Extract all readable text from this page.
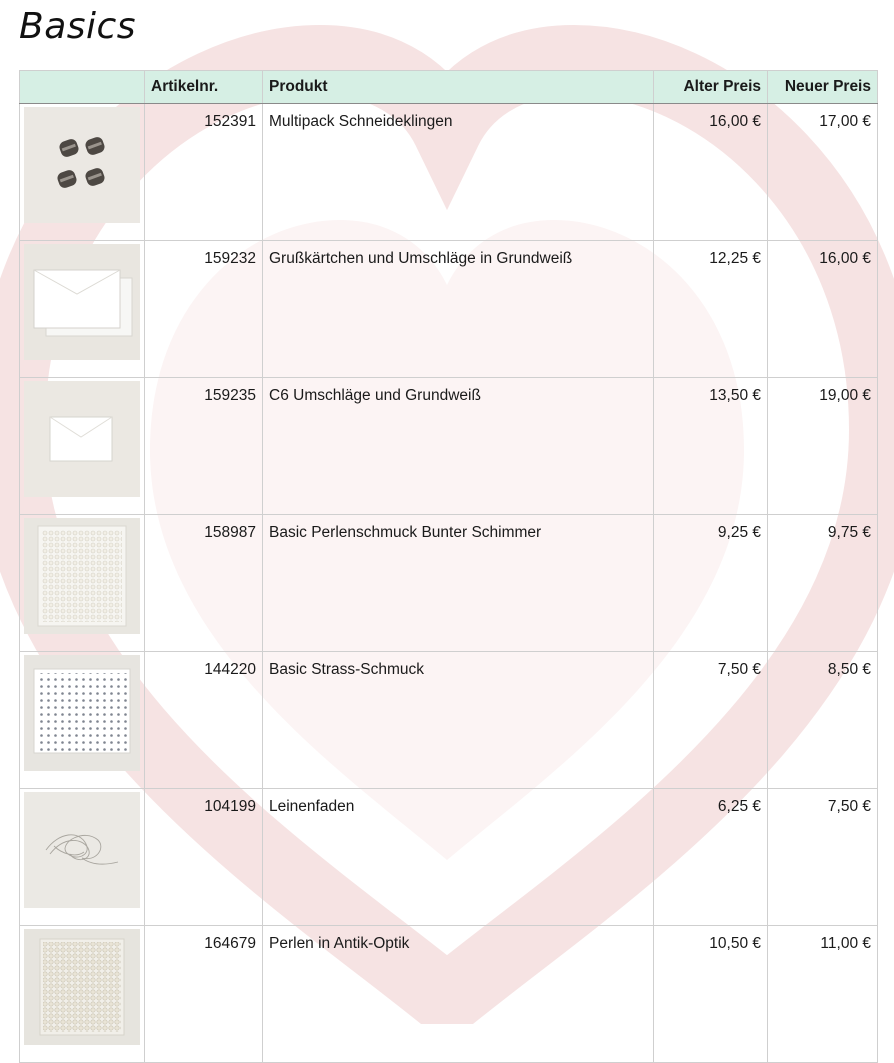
Basics
	Artikelnr.	Produkt	Alter Preis	Neuer Preis

	152391	Multipack Schneideklingen	16,00 €	17,00 €

	159232	Grußkärtchen und Umschläge in Grundweiß	12,25 €	16,00 €

	159235	C6 Umschläge und Grundweiß	13,50 €	19,00 €

	158987	Basic Perlenschmuck Bunter Schimmer	9,25 €	9,75 €

	144220	Basic Strass-Schmuck	7,50 €	8,50 €

	104199	Leinenfaden	6,25 €	7,50 €

	164679	Perlen in Antik-Optik	10,50 €	11,00 €
